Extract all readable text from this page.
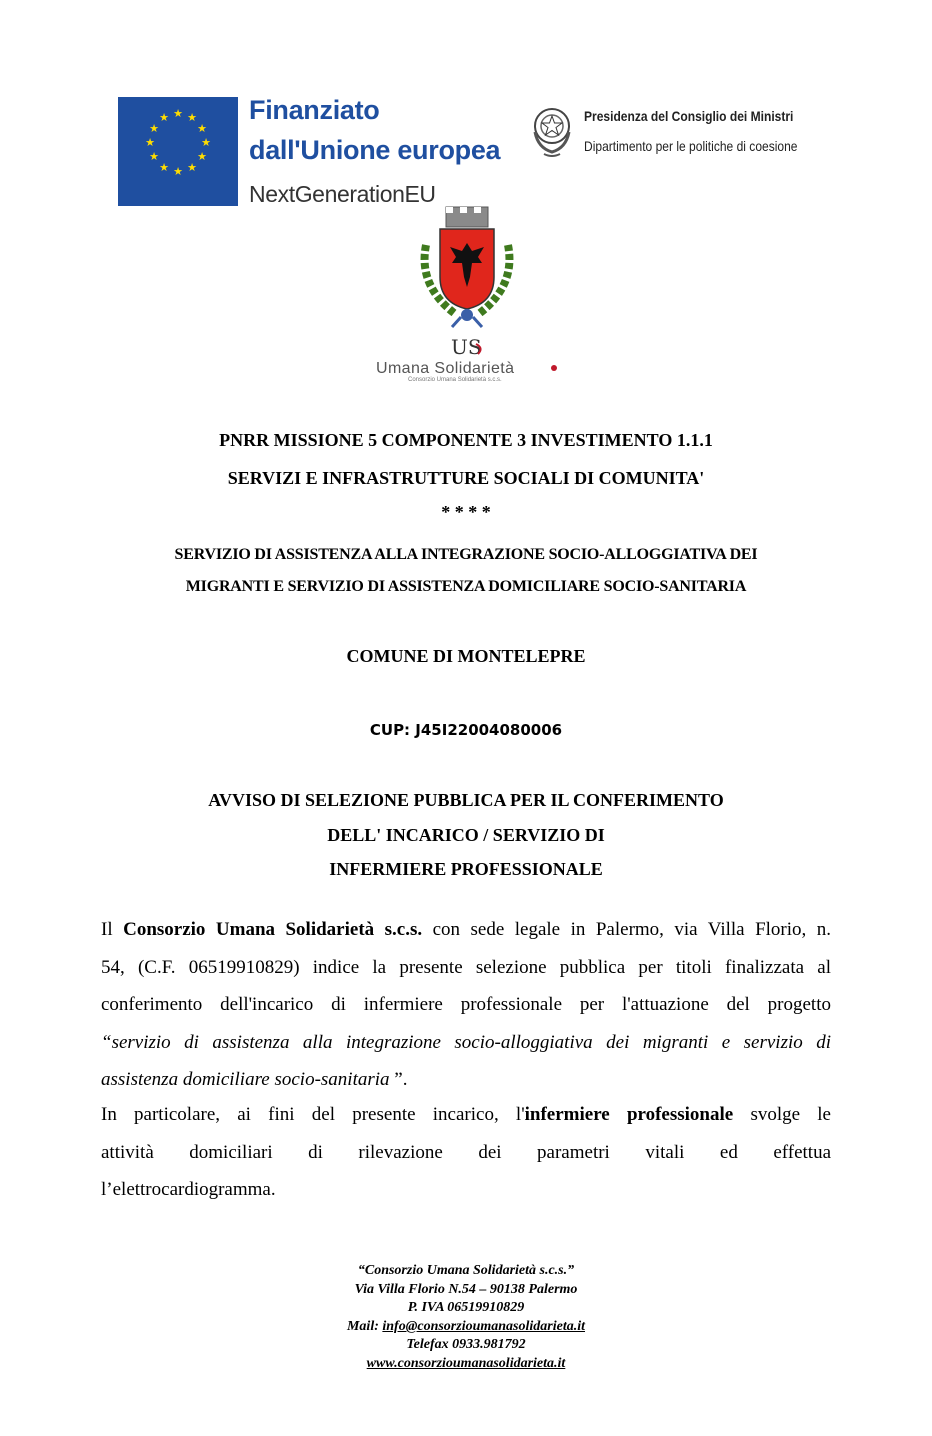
★ ★
★
★
★
★
★
★
★
★
★
★	Finanziato
dall'Unione europea
NextGenerationEU
Presidenza del Consiglio dei Ministri
Dipartimento per le politiche di coesione
US
Umana Solidarietà
Consorzio Umana Solidarietà s.c.s.
PNRR MISSIONE 5 COMPONENTE 3 INVESTIMENTO 1.1.1
SERVIZI E INFRASTRUTTURE SOCIALI DI COMUNITA'
* * * *
SERVIZIO DI ASSISTENZA ALLA INTEGRAZIONE SOCIO-ALLOGGIATIVA DEI
MIGRANTI E SERVIZIO DI ASSISTENZA DOMICILIARE SOCIO-SANITARIA
COMUNE DI MONTELEPRE
CUP: J45I22004080006
AVVISO DI SELEZIONE PUBBLICA PER IL CONFERIMENTO
DELL' INCARICO / SERVIZIO DI
INFERMIERE PROFESSIONALE
Il Consorzio Umana Solidarietà s.c.s. con sede legale in Palermo, via Villa Florio, n.
54, (C.F. 06519910829) indice la presente selezione pubblica per titoli finalizzata al
conferimento dell'incarico di infermiere professionale per l'attuazione del progetto
“servizio di assistenza alla integrazione socio-alloggiativa dei migranti e servizio di
assistenza domiciliare socio-sanitaria ”.
In particolare, ai fini del presente incarico, l'infermiere professionale svolge le
attività domiciliari di rilevazione dei parametri vitali ed effettua
l’elettrocardiogramma.
“Consorzio Umana Solidarietà s.c.s.”
Via Villa Florio N.54 – 90138 Palermo
P. IVA 06519910829
Mail: info@consorzioumanasolidarieta.it
Telefax 0933.981792
www.consorzioumanasolidarieta.it
